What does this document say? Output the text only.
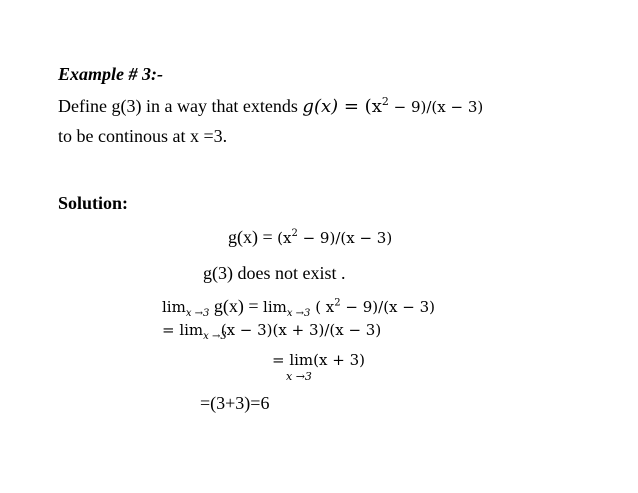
Example # 3:-
Define g(3) in a way that extends $g(x) = (x^2 - 9)/(x - 3)$
to be continous at x =3.
Solution:
$g(x) = (x^2 - 9)/(x - 3)$
g(3) does not exist .
$\lim_{x \to 3} g(x) = \lim_{x \to 3}$ ( $x^2 - 9)/(x - 3)$
= $\lim_{x \to 3}(x - 3)(x + 3)/(x - 3)$
= lim
x →3
(x + 3)
=(3+3)=6
